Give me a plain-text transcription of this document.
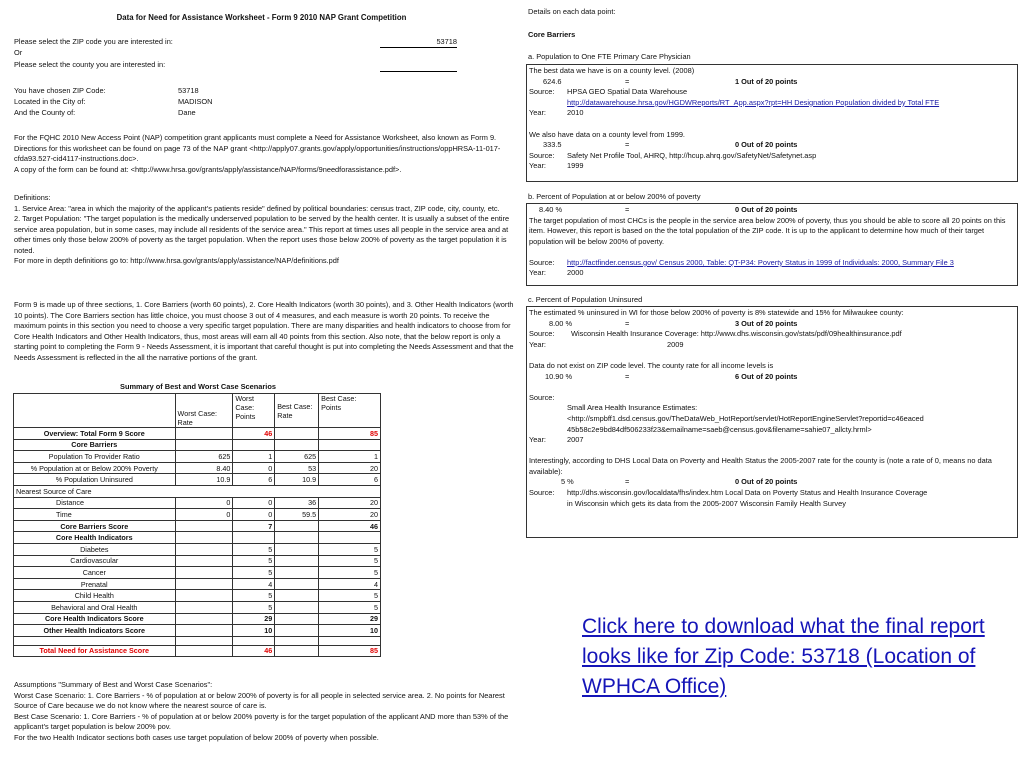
Data for Need for Assistance Worksheet - Form 9 2010 NAP Grant Competition
Please select the ZIP code you are interested in:	53718
Or
Please select the county you are interested in:
You have chosen ZIP Code:	53718
Located in the City of:	MADISON
And the County of:	Dane

For the FQHC 2010 New Access Point (NAP) competition grant applicants must complete a Need for Assistance Worksheet, also known as Form 9. Directions for this worksheet can be found on page 73 of the NAP grant <http://apply07.grants.gov/apply/opportunities/instructions/oppHRSA-11-017-cfda93.527-cid4117-instructions.doc>.

A copy of the form can be found at: <http://www.hrsa.gov/grants/apply/assistance/NAP/forms/9needforassistance.pdf>.

Definitions:

1. Service Area: "area in which the majority of the applicant's patients reside" defined by political boundaries: census tract, ZIP code, city, county, etc.

2. Target Population: "The target population is the medically underserved population to be served by the health center. It is usually a subset of the entire service area population, but in some cases, may include all residents of the service area." This report at times uses all people in the service area and at other times only those below 200% of poverty as the target population. When the report uses those below 200% of poverty as the target population it is noted.

For more in depth definitions go to: http://www.hrsa.gov/grants/apply/assistance/NAP/definitions.pdf

Form 9 is made up of three sections, 1. Core Barriers (worth 60 points), 2. Core Health Indicators (worth 30 points), and 3. Other Health Indicators (worth 10 points). The Core Barriers section has little choice, you must choose 3 out of 4 measures, and each measure is worth 20 points. To receive the maximum points in this section you need to choose a very specific target population. There are many disparities and health indicators to choose from for Core Health Indicators and Other Health Indicators, thus, most areas will earn all 40 points from this section. Also note, that the below report is only a starting point to completing the Form 9 - Needs Assessment, it is important that careful thought is put into completing the Needs Assessment and that the Needs Assessment is reflected in the all the narrative portions of the grant.
Summary of Best and Worst Case Scenarios
	Worst Case: Rate	Worst Case: Points	Best Case: Rate	Best Case: Points
Overview: Total Form 9 Score		46		85
Core Barriers				
Population To Provider Ratio	625	1	625	1
% Population at or Below 200% Poverty	8.40	0	53	20
% Population Uninsured	10.9	6	10.9	6
Nearest Source of Care				
Distance	0	0	36	20
Time	0	0	59.5	20
Core Barriers Score		7		46
Core Health Indicators				
Diabetes		5		5
Cardiovascular		5		5
Cancer		5		5
Prenatal		4		4
Child Health		5		5
Behavioral and Oral Health		5		5
Core Health Indicators Score		29		29
Other Health Indicators Score		10		10

Total Need for Assistance Score		46		85

Assumptions "Summary of Best and Worst Case Scenarios":

Worst Case Scenario: 1. Core Barriers - % of population at or below 200% of poverty is for all people in selected service area. 2. No points for Nearest Source of Care because we do not know where the nearest source of care is.

Best Case Scenario: 1. Core Barriers - % of population at or below 200% poverty is for the target population of the applicant AND more than 53% of the applicant's target population is below 200% pov.

For the two Health Indicator sections both cases use target population of below 200% of poverty when possible.

Details on each data point:
Core Barriers
a. Population to One FTE Primary Care Physician
The best data we have is on a county level. (2008)
624.6	=	1 Out of 20 points
Source: HPSA GEO Spatial Data Warehouse
http://datawarehouse.hrsa.gov/HGDWReports/RT_App.aspx?rpt=HH Designation Population divided by Total FTE
Year:	2010
We also have data on a county level from 1999.
333.5	=	0 Out of 20 points
Source: Safety Net Profile Tool, AHRQ, http://hcup.ahrq.gov/SafetyNet/Safetynet.asp
Year:	1999
b. Percent of Population at or below 200% of poverty
8.40 %	=	0 Out of 20 points
The target population of most CHCs is the people in the service area below 200% of poverty, thus you should be able to score all 20 points on this item. However, this report is based on the the total population of the ZIP code. It is up to the applicant to determine how much of their target population will be below 200% of poverty.
Source: http://factfinder.census.gov/ Census 2000, Table: QT-P34: Poverty Status in 1999 of Individuals: 2000, Summary File 3
Year:	2000
c. Percent of Population Uninsured
The estimated % uninsured in WI for those below 200% of poverty is 8% statewide and 15% for Milwaukee county:
8.00 %	=	3 Out of 20 points
Source: Wisconsin Health Insurance Coverage: http://www.dhs.wisconsin.gov/stats/pdf/09healthinsurance.pdf
Year:	2009
Data do not exist on ZIP code level. The county rate for all income levels is
10.90 %	=	6 Out of 20 points
Source:
Small Area Health Insurance Estimates:
<http://smpbff1.dsd.census.gov/TheDataWeb_HotReport/servlet/HotReportEngineServlet?reportid=c46eaced
45b58c2e9bd84df506233f23&emailname=saeb@census.gov&filename=sahie07_allcty.hrml>
Year:	2007
Interestingly, according to DHS Local Data on Poverty and Health Status the 2005-2007 rate for the county is (note a rate of 0, means no data available):
5 %	=	0 Out of 20 points
Source: http://dhs.wisconsin.gov/localdata/fhs/index.htm Local Data on Poverty Status and Health Insurance Coverage
in Wisconsin which gets its data from the 2005-2007 Wisconsin Family Health Survey
Click here to download what the final report looks like for Zip Code: 53718 (Location of WPHCA Office)
